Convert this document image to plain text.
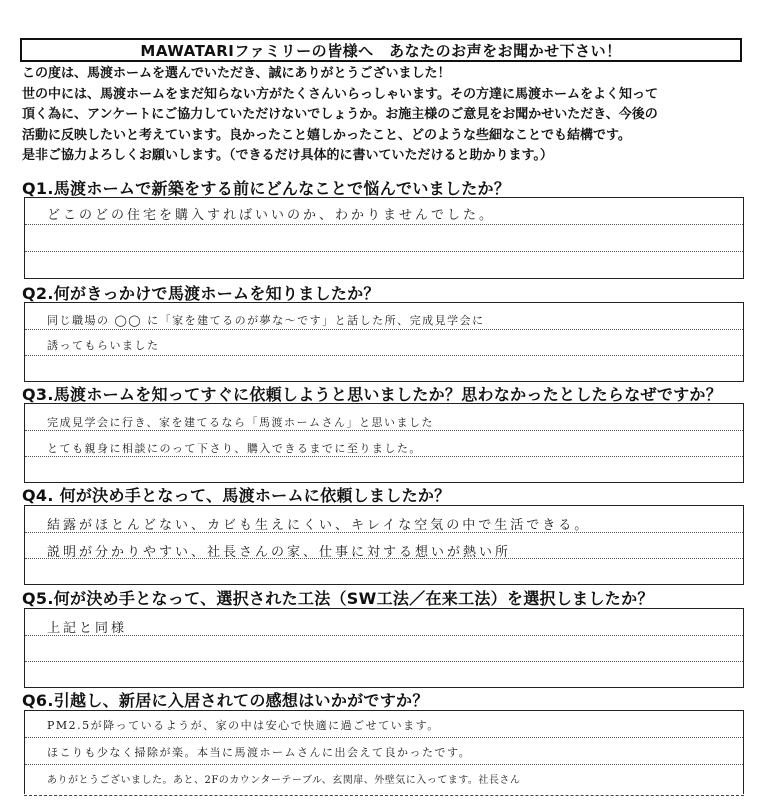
MAWATARIファミリーの皆様へ　あなたのお声をお聞かせ下さい！
この度は、馬渡ホームを選んでいただき、誠にありがとうございました！
世の中には、馬渡ホームをまだ知らない方がたくさんいらっしゃいます。その方達に馬渡ホームをよく知って
頂く為に、アンケートにご協力していただけないでしょうか。お施主様のご意見をお聞かせいただき、今後の
活動に反映したいと考えています。良かったこと嬉しかったこと、どのような些細なことでも結構です。
是非ご協力よろしくお願いします。（できるだけ具体的に書いていただけると助かります。）
Q1.馬渡ホームで新築をする前にどんなことで悩んでいましたか？
どこのどの住宅を購入すればいいのか、わかりませんでした。
Q2.何がきっかけで馬渡ホームを知りましたか？
同じ職場の ◯◯ に「家を建てるのが夢な～です」と話した所、完成見学会に
誘ってもらいました
Q3.馬渡ホームを知ってすぐに依頼しようと思いましたか？思わなかったとしたらなぜですか？
完成見学会に行き、家を建てるなら「馬渡ホームさん」と思いました
とても親身に相談にのって下さり、購入できるまでに至りました。
Q4. 何が決め手となって、馬渡ホームに依頼しましたか？
結露がほとんどない、カビも生えにくい、キレイな空気の中で生活できる。
説明が分かりやすい、社長さんの家、仕事に対する想いが熱い所
Q5.何が決め手となって、選択された工法（SW工法／在来工法）を選択しましたか？
上記と同様
Q6.引越し、新居に入居されての感想はいかがですか？
PM2.5が降っているようが、家の中は安心で快適に過ごせています。
ほこりも少なく掃除が楽。本当に馬渡ホームさんに出会えて良かったです。
ありがとうございました。あと、2Fのカウンターテーブル、玄関扉、外壁気に入ってます。社長さん
